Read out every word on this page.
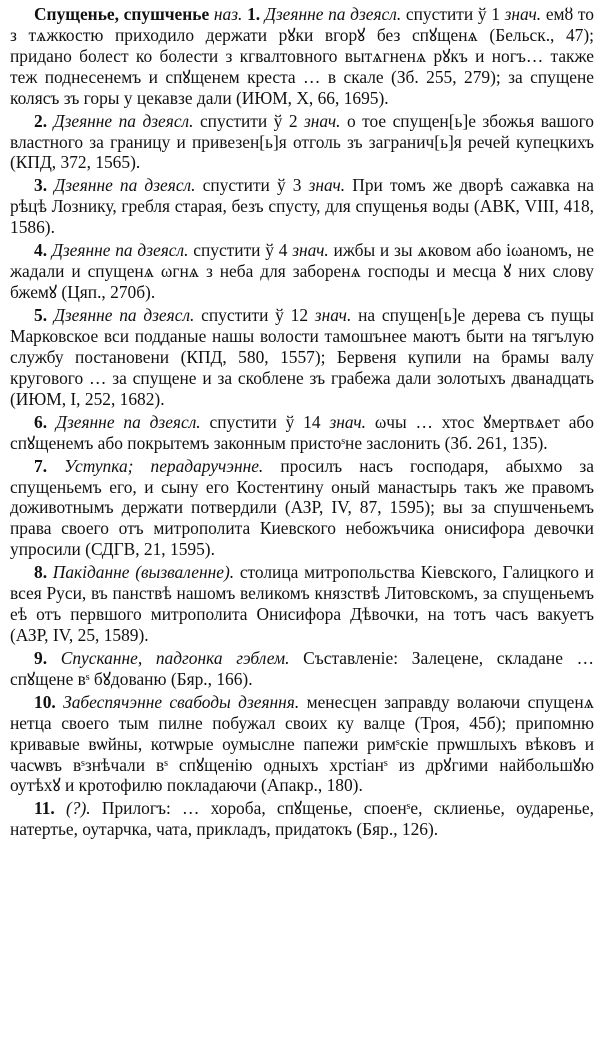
Спущенье, спушченье наз. 1. Дзеянне па дзеясл. спустити ў 1 знач. емȣ то з тѧжкостю приходило держати рꙋки вгорꙋ без спꙋщенѧ (Бельск., 47); придано болест ко болести з кгвалтовного вытѧгненѧ рꙋкъ и ногъ… также теж поднесенемъ и спꙋщенем креста … в скале (Зб. 255, 279); за спущене колясъ зъ горы у цекавзе дали (ИЮМ, X, 66, 1695).

2. Дзеянне па дзеясл. спустити ў 2 знач. о тое спущен[ь]е збожья вашого властного за границу и привезен[ь]я отголь зъ загранич[ь]я речей купецкихъ (КПД, 372, 1565).

3. Дзеянне па дзеясл. спустити ў 3 знач. При томъ же дворѣ сажавка на рѣцѣ Лознику, гребля старая, безъ спусту, для спущенья воды (АВК, VIII, 418, 1586).

4. Дзеянне па дзеясл. спустити ў 4 знач. ижбы и зы ѧковом або iωаномъ, не жадали и спущенѧ ωгнѧ з неба для забоpенѧ господы и месца ꙋ них слову бжемꙋ (Цяп., 270б).

5. Дзеянне па дзеясл. спустити ў 12 знач. на спущен[ь]е дерева съ пущы Марковское вси подданые нашы волости тамошънее маютъ быти на тягълую службу постановени (КПД, 580, 1557); Бервеня купили на брамы валу кругового … за спущене и за скоблене зъ грабежа дали золотыхъ дванадцать (ИЮМ, I, 252, 1682).

6. Дзеянне па дзеясл. спустити ў 14 знач. ωчы … хтос ꙋмертвѧет або спꙋщенемъ або покрытемъ законным пристоˢне заслонить (Зб. 261, 135).

7. Уступка; перадаручэнне. просилъ насъ господаря, абыхмо за спущеньемъ его, и сыну его Костентину оный манастырь такъ же правомъ доживотнымъ держати потвердили (АЗР, IV, 87, 1595); вы за спушченьемъ права своего отъ митрополита Киевского небожъчика онисифора девочки упросили (СДГВ, 21, 1595).

8. Пакіданне (вызваленне). столица митропольства Кіевского, Галицкого и всея Руси, въ панствѣ нашомъ великомъ князствѣ Литовскомъ, за спущеньемъ еѣ отъ первшого митрополита Онисифора Дѣвочки, на тотъ часъ вакуетъ (АЗР, IV, 25, 1589).

9. Спусканне, падгонка гэблем. Съставленіе: Залецене, складане … спꙋщене вˢ бꙋдованю (Бяр., 166).

10. Забеспячэнне свабоды дзеяння. менесцен заправду волаючи спущенѧ нетца своего тым пилне побужал своих ку валце (Троя, 45б); припомню кривавые вѡйны, котѡрые оумыслне папежи римˢскіе прѡшлыхъ вѣковъ и часѡвъ вˢзнѣчали вˢ спꙋщенію одныхъ хрстіанˢ из дрꙋгими найбольшꙋю оутѣхꙋ и кротофилю покладаючи (Апакр., 180).

11. (?). Прилогъ: … хороба, спꙋщенье, споенˢе, склиенье, оударенье, натертье, оутарчка, чата, прикладъ, придатокъ (Бяр., 126).
